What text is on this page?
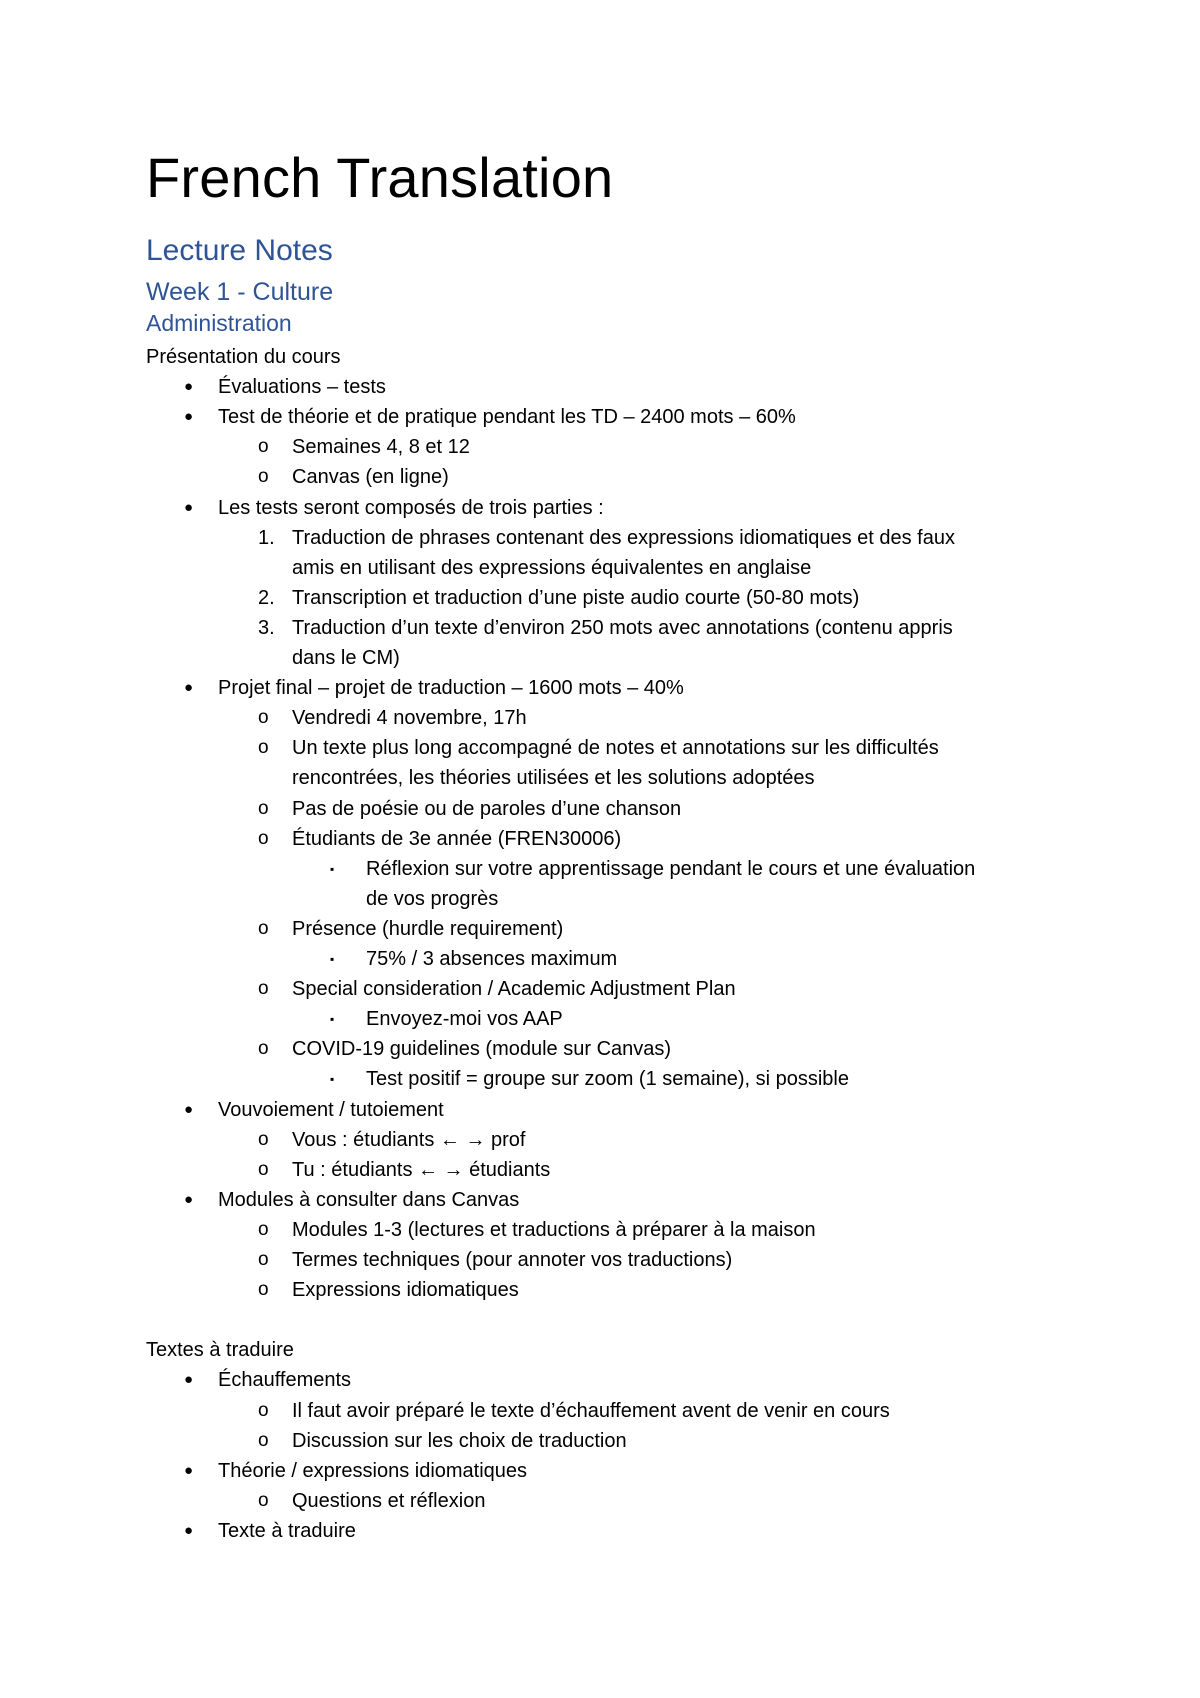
French Translation
Lecture Notes
Week 1 - Culture
Administration
Présentation du cours
●	Évaluations – tests
●	Test de théorie et de pratique pendant les TD – 2400 mots – 60%
o	Semaines 4, 8 et 12
o	Canvas (en ligne)
●	Les tests seront composés de trois parties :
1. Traduction de phrases contenant des expressions idiomatiques et des faux
amis en utilisant des expressions équivalentes en anglaise
2. Transcription et traduction d’une piste audio courte (50-80 mots)
3. Traduction d’un texte d’environ 250 mots avec annotations (contenu appris
dans le CM)
●	Projet final – projet de traduction – 1600 mots – 40%
o	Vendredi 4 novembre, 17h
o	Un texte plus long accompagné de notes et annotations sur les difficultés
rencontrées, les théories utilisées et les solutions adoptées
o	Pas de poésie ou de paroles d’une chanson
o	Étudiants de 3e année (FREN30006)
▪	Réflexion sur votre apprentissage pendant le cours et une évaluation
de vos progrès
o	Présence (hurdle requirement)
▪	75% / 3 absences maximum
o	Special consideration / Academic Adjustment Plan
▪	Envoyez-moi vos AAP
o	COVID-19 guidelines (module sur Canvas)
▪	Test positif = groupe sur zoom (1 semaine), si possible
●	Vouvoiement / tutoiement
o	Vous : étudiants ← → prof
o	Tu : étudiants ← → étudiants
●	Modules à consulter dans Canvas
o	Modules 1-3 (lectures et traductions à préparer à la maison
o	Termes techniques (pour annoter vos traductions)
o	Expressions idiomatiques
Textes à traduire
●	Échauffements
o	Il faut avoir préparé le texte d’échauffement avent de venir en cours
o	Discussion sur les choix de traduction
●	Théorie / expressions idiomatiques
o	Questions et réflexion
●	Texte à traduire
